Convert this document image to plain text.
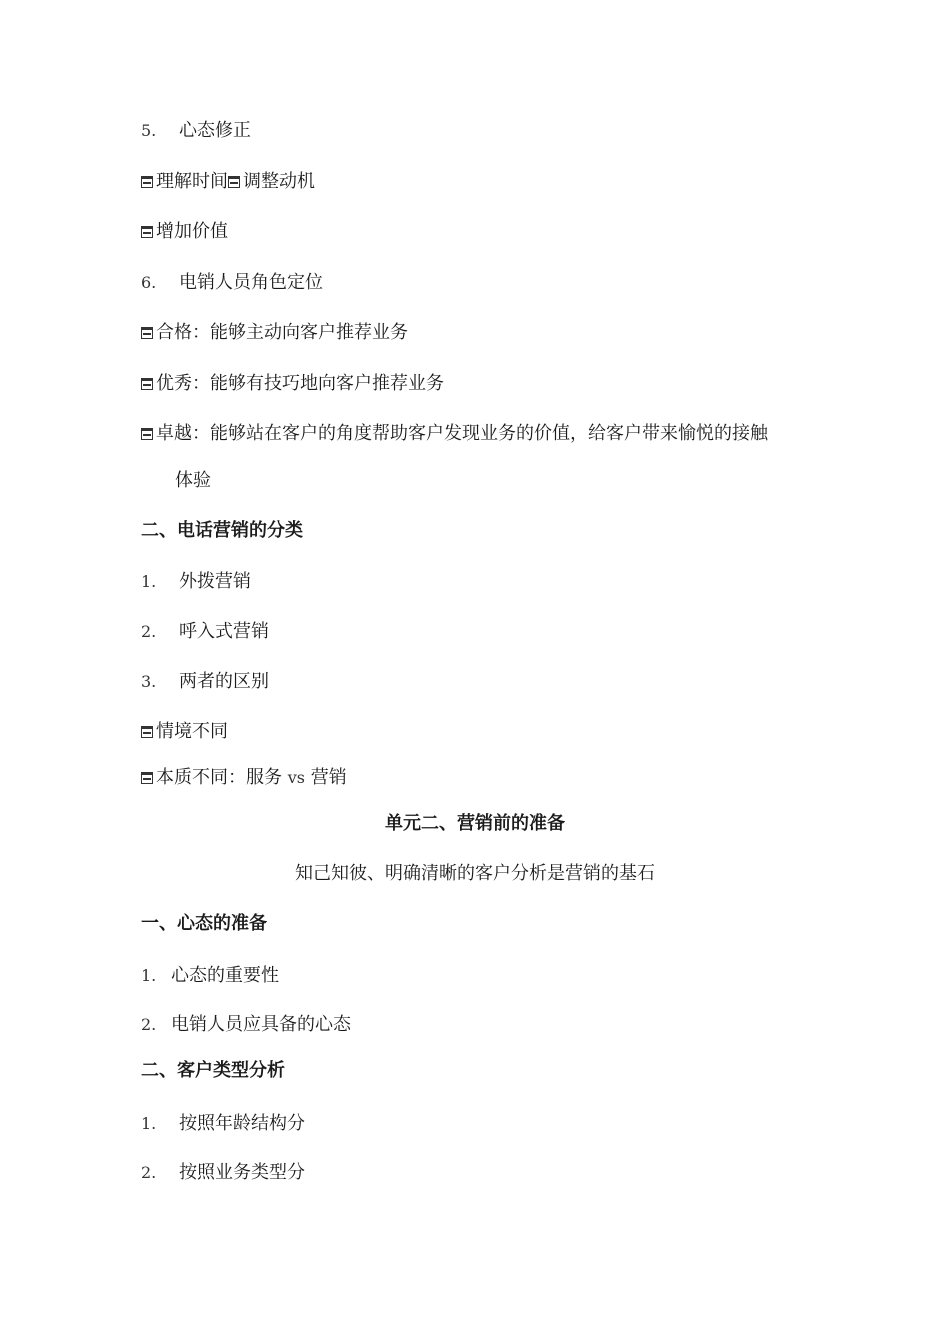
5. 心态修正
理解时间 调整动机
增加价值
6. 电销人员角色定位
合格：能够主动向客户推荐业务
优秀：能够有技巧地向客户推荐业务
卓越：能够站在客户的角度帮助客户发现业务的价值，给客户带来愉悦的接触
体验
二、电话营销的分类
1. 外拨营销
2. 呼入式营销
3. 两者的区别
情境不同
本质不同：服务 vs 营销
单元二、营销前的准备
知己知彼、明确清晰的客户分析是营销的基石
一、心态的准备
1. 心态的重要性
2. 电销人员应具备的心态
二、客户类型分析
1. 按照年龄结构分
2. 按照业务类型分
